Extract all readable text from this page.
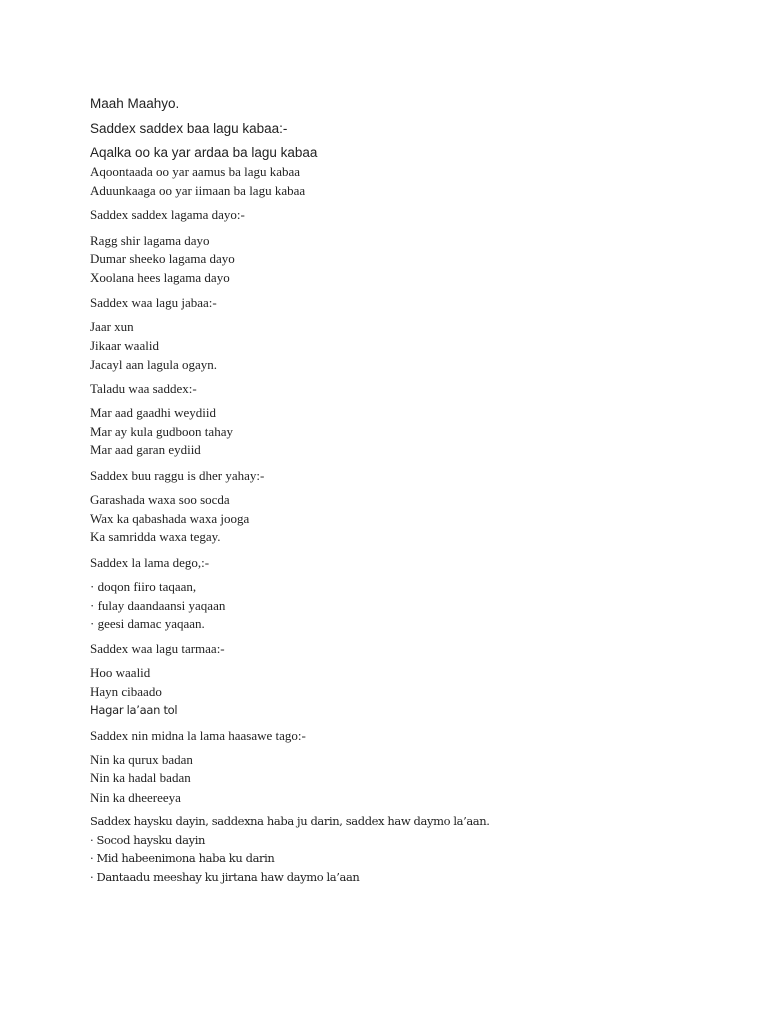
Maah Maahyo.
Saddex saddex baa lagu kabaa:-
Aqalka oo ka yar ardaa ba lagu kabaa
Aqoontaada oo yar aamus ba lagu kabaa
Aduunkaaga oo yar iimaan ba lagu kabaa
Saddex saddex lagama dayo:-
Ragg shir lagama dayo
Dumar sheeko lagama dayo
Xoolana hees lagama dayo
Saddex waa lagu jabaa:-
Jaar xun
Jikaar waalid
Jacayl aan lagula ogayn.
Taladu waa saddex:-
Mar aad gaadhi weydiid
Mar ay kula gudboon tahay
Mar aad garan eydiid
Saddex buu raggu is dher yahay:-
Garashada waxa soo socda
Wax ka qabashada waxa jooga
Ka samridda waxa tegay.
Saddex la lama dego,:-
· doqon fiiro taqaan,
· fulay daandaansi yaqaan
· geesi damac yaqaan.
Saddex waa lagu tarmaa:-
Hoo waalid
Hayn cibaado
Hagar la’aan tol
Saddex nin midna la lama haasawe tago:-
Nin ka qurux badan
Nin ka hadal badan
Nin ka dheereeya
Saddex haysku dayin, saddexna haba ju darin, saddex haw daymo la’aan.
· Socod haysku dayin
· Mid habeenimona haba ku darin
· Dantaadu meeshay ku jirtana haw daymo la’aan
